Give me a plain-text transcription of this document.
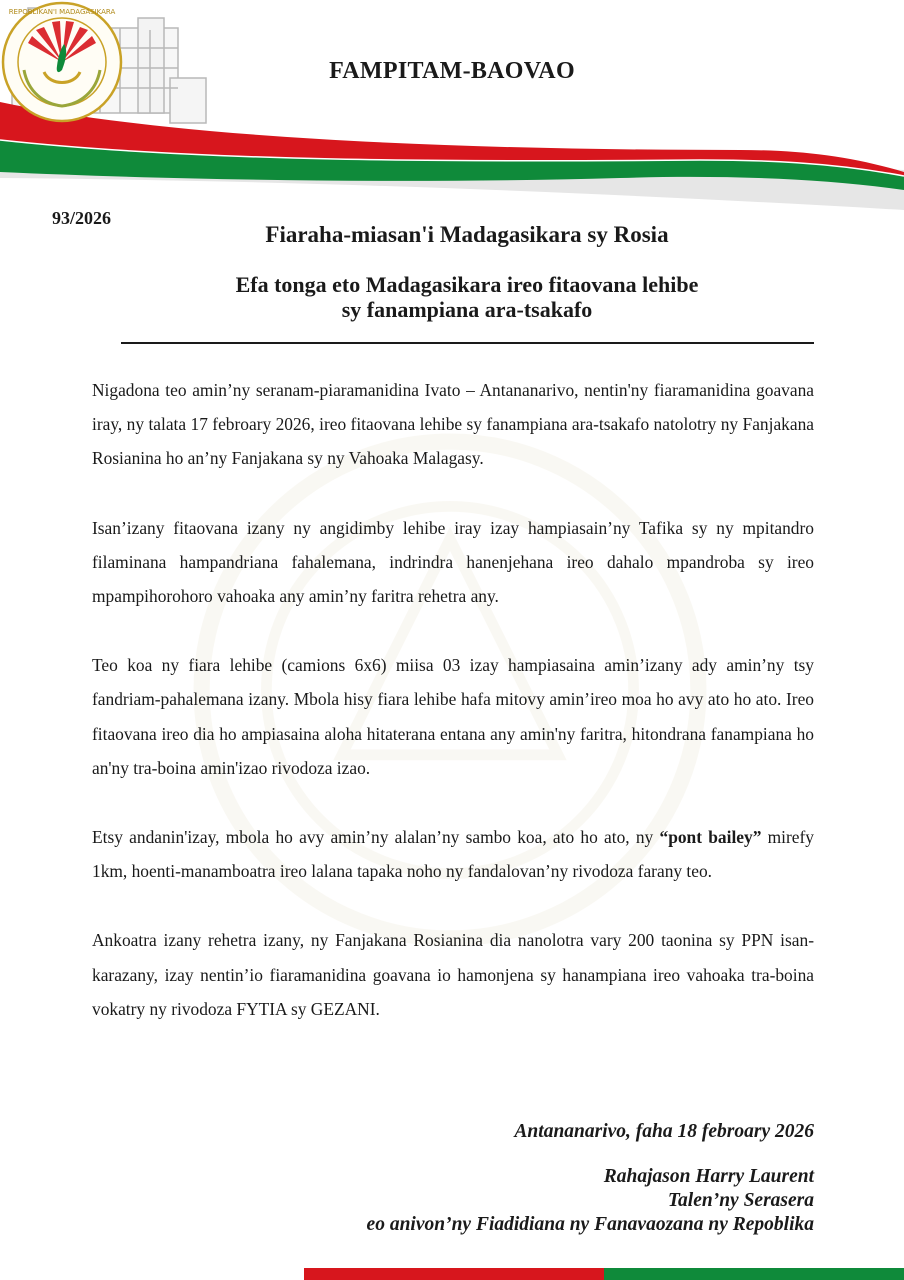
FAMPITAM-BAOVAO
REPOBLIKAN'I MADAGASIKARA
93/2026
Fiaraha-miasan'i Madagasikara sy Rosia
Efa tonga eto Madagasikara ireo fitaovana lehibe
sy fanampiana ara-tsakafo

Nigadona teo amin’ny seranam-piaramanidina Ivato – Antananarivo, nentin'ny fiaramanidina goavana iray, ny talata 17 febroary 2026, ireo fitaovana lehibe sy fanampiana ara-tsakafo natolotry ny Fanjakana Rosianina ho an’ny Fanjakana sy ny Vahoaka Malagasy.

Isan’izany fitaovana izany ny angidimby lehibe iray izay hampiasain’ny Tafika sy ny mpitandro filaminana hampandriana fahalemana, indrindra hanenjehana ireo dahalo mpandroba sy ireo mpampihorohoro vahoaka any amin’ny faritra rehetra any.

Teo koa ny fiara lehibe (camions 6x6) miisa 03 izay hampiasaina amin’izany ady amin’ny tsy fandriam-pahalemana izany. Mbola hisy fiara lehibe hafa mitovy amin’ireo moa ho avy ato ho ato. Ireo fitaovana ireo dia ho ampiasaina aloha hitaterana entana any amin'ny faritra, hitondrana fanampiana ho an'ny tra-boina amin'izao rivodoza izao.

Etsy andanin'izay, mbola ho avy amin’ny alalan’ny sambo koa, ato ho ato, ny “pont bailey” mirefy 1km, hoenti-manamboatra ireo lalana tapaka noho ny fandalovan’ny rivodoza farany teo.

Ankoatra izany rehetra izany, ny Fanjakana Rosianina dia nanolotra vary 200 taonina sy PPN isan-karazany, izay nentin’io fiaramanidina goavana io hamonjena sy hanampiana ireo vahoaka tra-boina vokatry ny rivodoza FYTIA sy GEZANI.

Antananarivo, faha 18 febroary 2026
Rahajason Harry Laurent
Talen’ny Serasera
eo anivon’ny Fiadidiana ny Fanavaozana ny Repoblika
